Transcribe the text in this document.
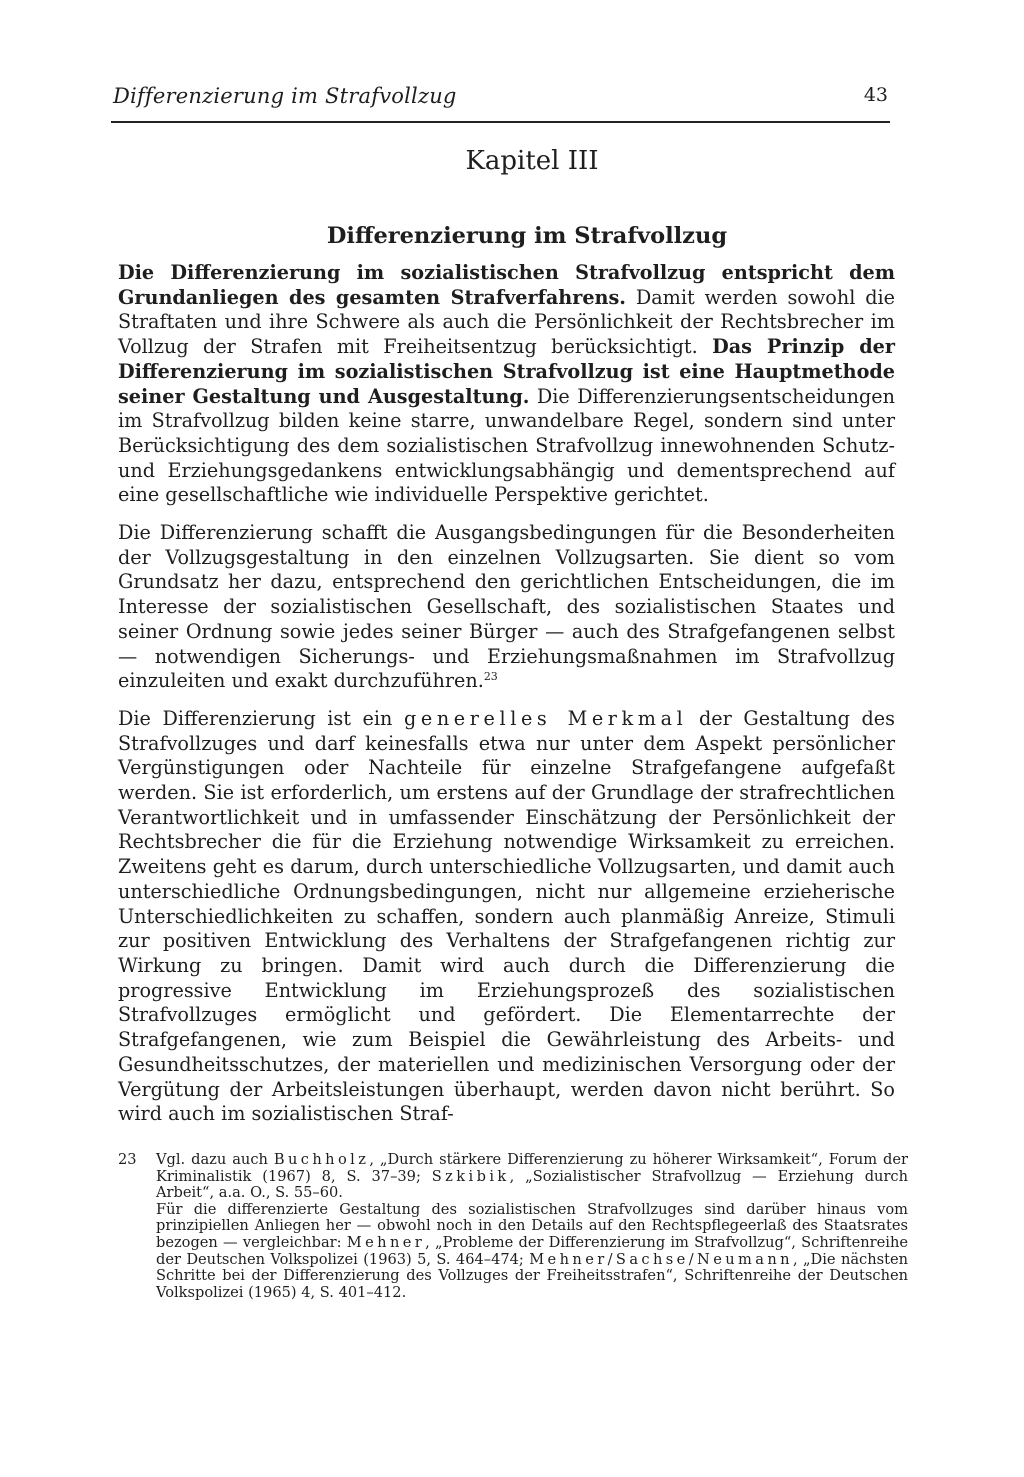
Differenzierung im Strafvollzug	43
Kapitel III
Differenzierung im Strafvollzug

Die Differenzierung im sozialistischen Strafvollzug entspricht dem Grundanliegen des gesamten Strafverfahrens. Damit werden sowohl die Straftaten und ihre Schwere als auch die Persönlichkeit der Rechtsbrecher im Vollzug der Strafen mit Freiheitsentzug berücksichtigt. Das Prinzip der Differenzierung im sozialistischen Strafvollzug ist eine Hauptmethode seiner Gestaltung und Ausgestaltung. Die Differenzierungsentscheidungen im Strafvollzug bilden keine starre, unwandelbare Regel, sondern sind unter Berücksichtigung des dem sozialistischen Strafvollzug innewohnenden Schutz- und Erziehungsgedankens entwicklungsabhängig und dementsprechend auf eine gesellschaftliche wie individuelle Perspektive gerichtet.

Die Differenzierung schafft die Ausgangsbedingungen für die Besonderheiten der Vollzugsgestaltung in den einzelnen Vollzugsarten. Sie dient so vom Grundsatz her dazu, entsprechend den gerichtlichen Entscheidungen, die im Interesse der sozialistischen Gesellschaft, des sozialistischen Staates und seiner Ordnung sowie jedes seiner Bürger — auch des Strafgefangenen selbst — notwendigen Sicherungs- und Erziehungsmaßnahmen im Strafvollzug einzuleiten und exakt durchzuführen.$^{23}$

Die Differenzierung ist ein generelles Merkmal der Gestaltung des Strafvollzuges und darf keinesfalls etwa nur unter dem Aspekt persönlicher Vergünstigungen oder Nachteile für einzelne Strafgefangene aufgefaßt werden. Sie ist erforderlich, um erstens auf der Grundlage der strafrechtlichen Verantwortlichkeit und in umfassender Einschätzung der Persönlichkeit der Rechtsbrecher die für die Erziehung notwendige Wirksamkeit zu erreichen. Zweitens geht es darum, durch unterschiedliche Vollzugsarten, und damit auch unterschiedliche Ordnungsbedingungen, nicht nur allgemeine erzieherische Unterschiedlichkeiten zu schaffen, sondern auch planmäßig Anreize, Stimuli zur positiven Entwicklung des Verhaltens der Strafgefangenen richtig zur Wirkung zu bringen. Damit wird auch durch die Differenzierung die progressive Entwicklung im Erziehungsprozeß des sozialistischen Strafvollzuges ermöglicht und gefördert. Die Elementarrechte der Strafgefangenen, wie zum Beispiel die Gewährleistung des Arbeits- und Gesundheitsschutzes, der materiellen und medizinischen Versorgung oder der Vergütung der Arbeitsleistungen überhaupt, werden davon nicht berührt. So wird auch im sozialistischen Straf-

23	Vgl. dazu auch Buchholz, „Durch stärkere Differenzierung zu höherer Wirksamkeit“, Forum der Kriminalistik (1967) 8, S. 37–39; Szkibik, „Sozialistischer Strafvollzug — Erziehung durch Arbeit“, a.a. O., S. 55–60.

Für die differenzierte Gestaltung des sozialistischen Strafvollzuges sind darüber hinaus vom prinzipiellen Anliegen her — obwohl noch in den Details auf den Rechtspflegeerlaß des Staatsrates bezogen — vergleichbar: Mehner, „Probleme der Differenzierung im Strafvollzug“, Schriftenreihe der Deutschen Volkspolizei (1963) 5, S. 464–474; Mehner/Sachse/Neumann, „Die nächsten Schritte bei der Differenzierung des Vollzuges der Freiheitsstrafen“, Schriftenreihe der Deutschen Volkspolizei (1965) 4, S. 401–412.
